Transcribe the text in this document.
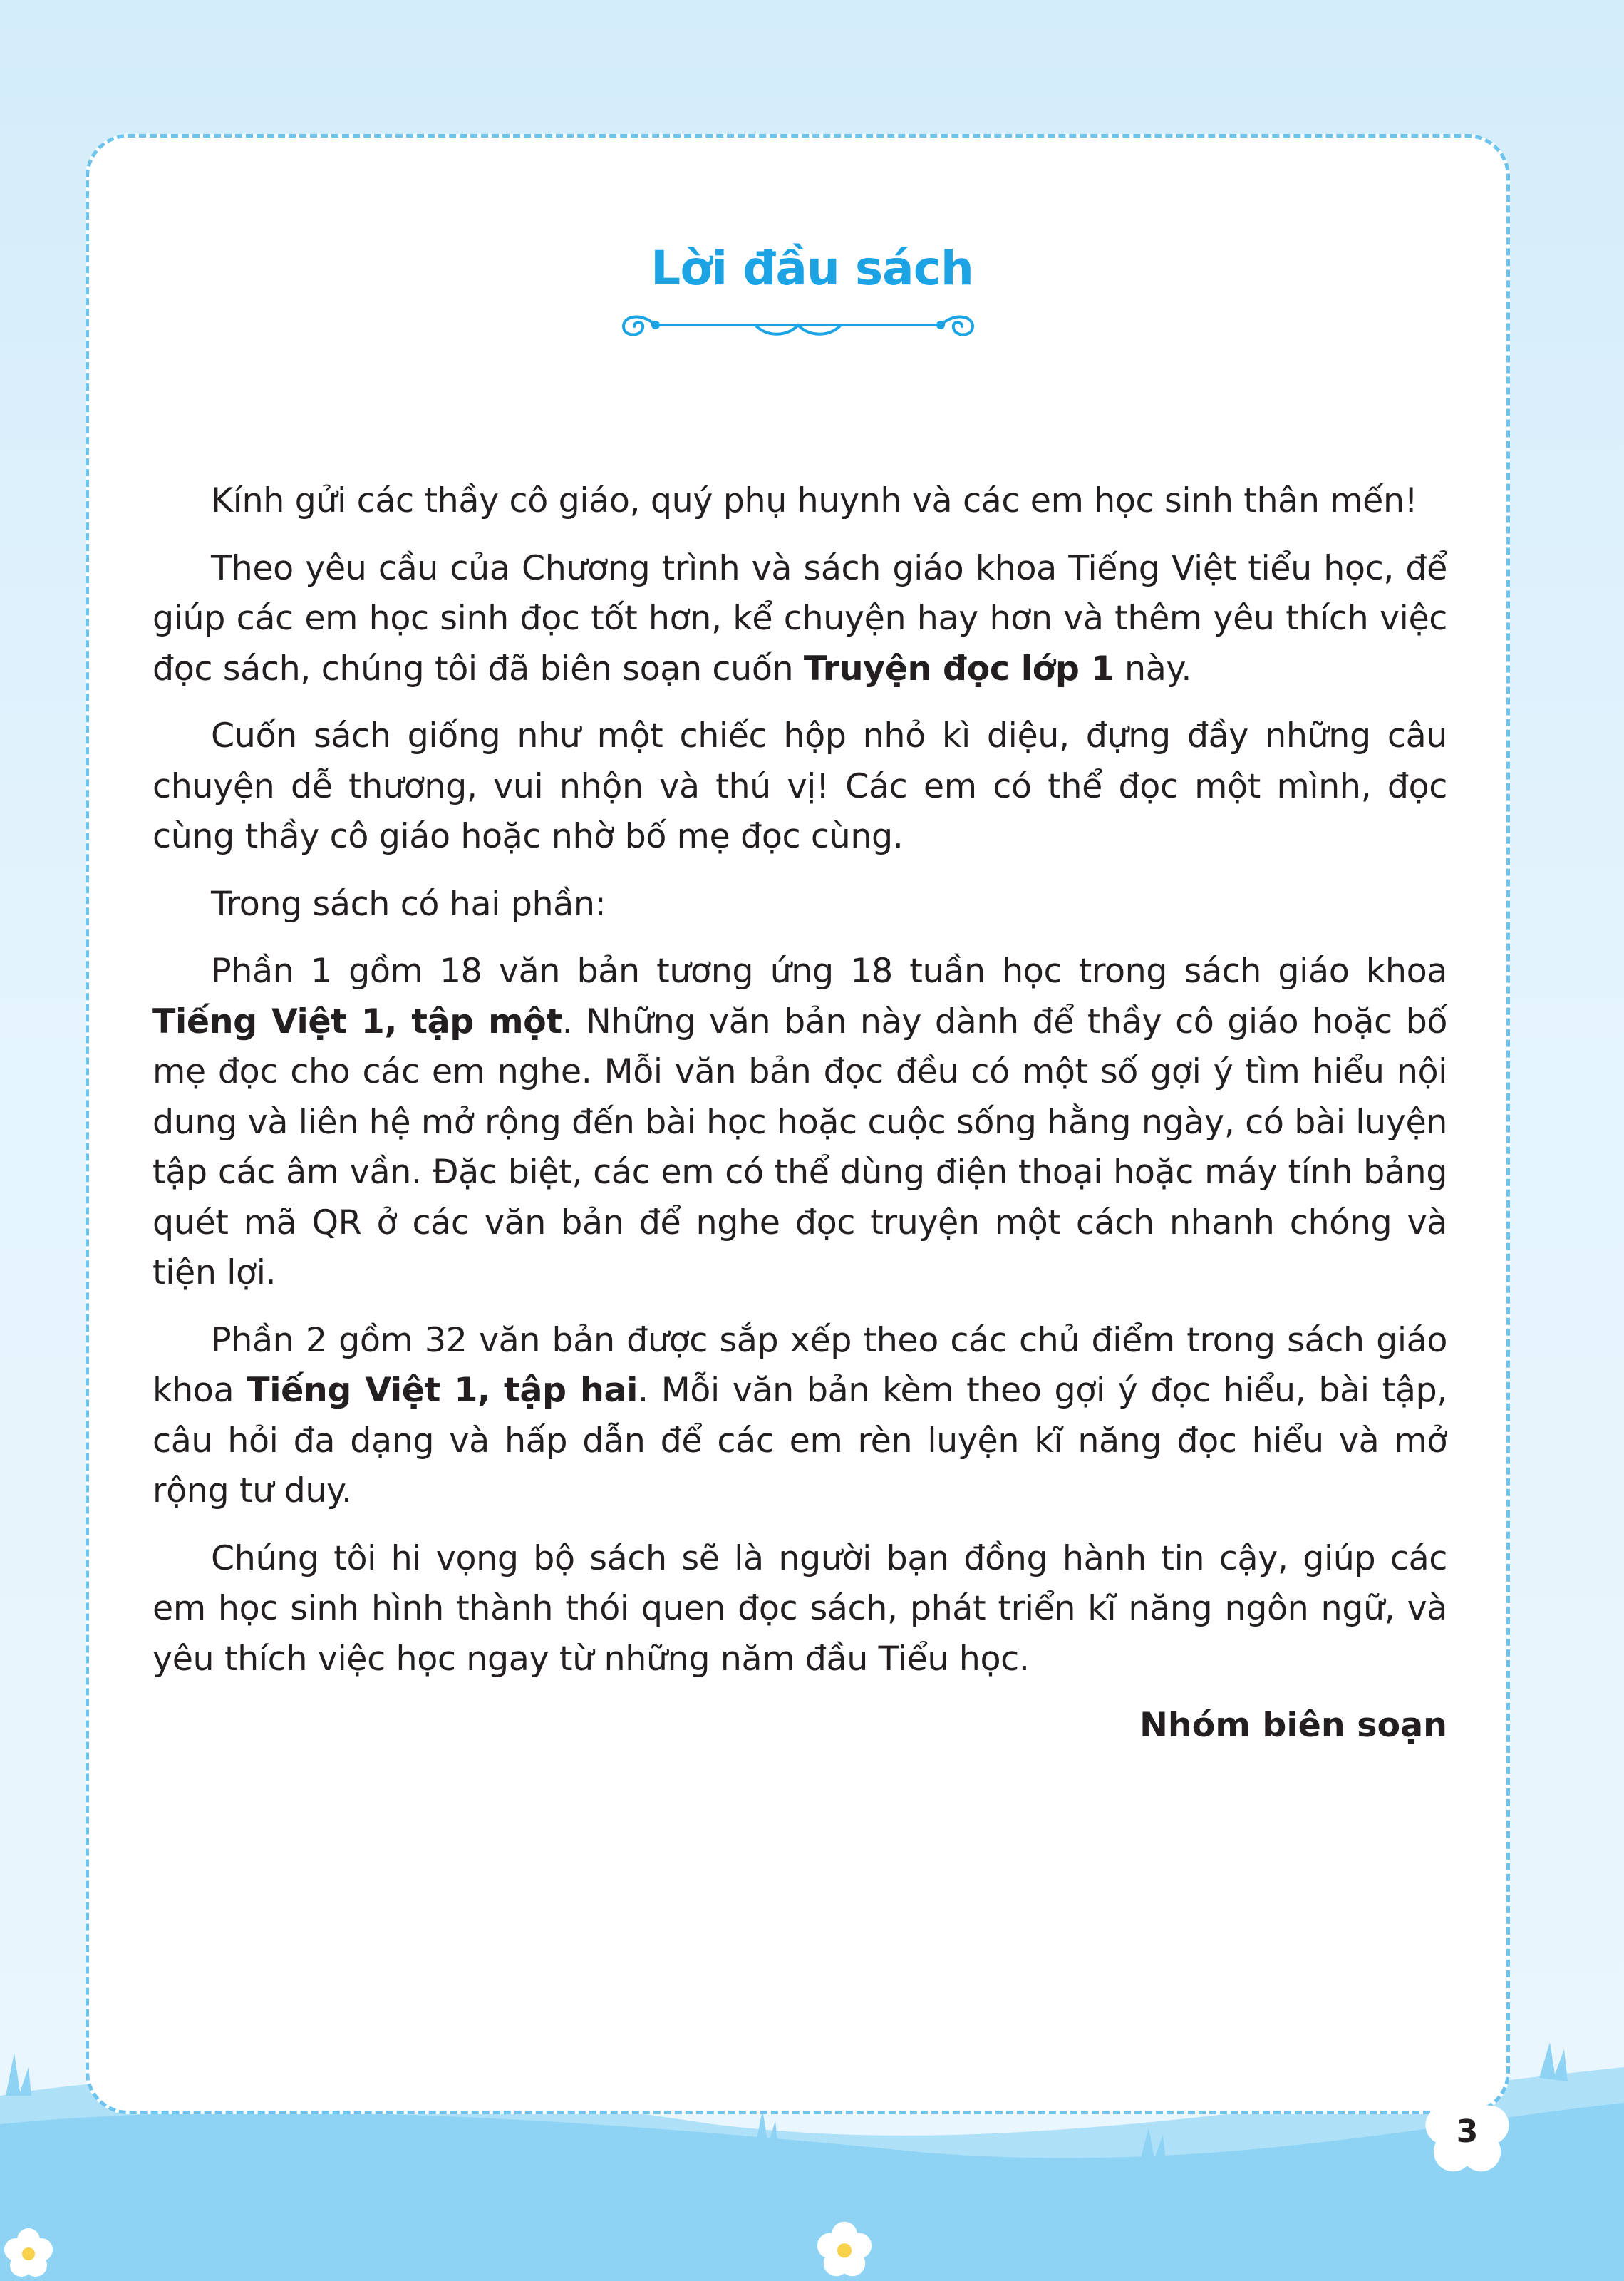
Lời đầu sách

Kính gửi các thầy cô giáo, quý phụ huynh và các em học sinh thân mến!

Theo yêu cầu của Chương trình và sách giáo khoa Tiếng Việt tiểu học, để giúp các em học sinh đọc tốt hơn, kể chuyện hay hơn và thêm yêu thích việc đọc sách, chúng tôi đã biên soạn cuốn Truyện đọc lớp 1 này.

Cuốn sách giống như một chiếc hộp nhỏ kì diệu, đựng đầy những câu chuyện dễ thương, vui nhộn và thú vị! Các em có thể đọc một mình, đọc cùng thầy cô giáo hoặc nhờ bố mẹ đọc cùng.

Trong sách có hai phần:

Phần 1 gồm 18 văn bản tương ứng 18 tuần học trong sách giáo khoa Tiếng Việt 1, tập một. Những văn bản này dành để thầy cô giáo hoặc bố mẹ đọc cho các em nghe. Mỗi văn bản đọc đều có một số gợi ý tìm hiểu nội dung và liên hệ mở rộng đến bài học hoặc cuộc sống hằng ngày, có bài luyện tập các âm vần. Đặc biệt, các em có thể dùng điện thoại hoặc máy tính bảng quét mã QR ở các văn bản để nghe đọc truyện một cách nhanh chóng và tiện lợi.

Phần 2 gồm 32 văn bản được sắp xếp theo các chủ điểm trong sách giáo khoa Tiếng Việt 1, tập hai. Mỗi văn bản kèm theo gợi ý đọc hiểu, bài tập, câu hỏi đa dạng và hấp dẫn để các em rèn luyện kĩ năng đọc hiểu và mở rộng tư duy.

Chúng tôi hi vọng bộ sách sẽ là người bạn đồng hành tin cậy, giúp các em học sinh hình thành thói quen đọc sách, phát triển kĩ năng ngôn ngữ, và yêu thích việc học ngay từ những năm đầu Tiểu học.

Nhóm biên soạn

3
